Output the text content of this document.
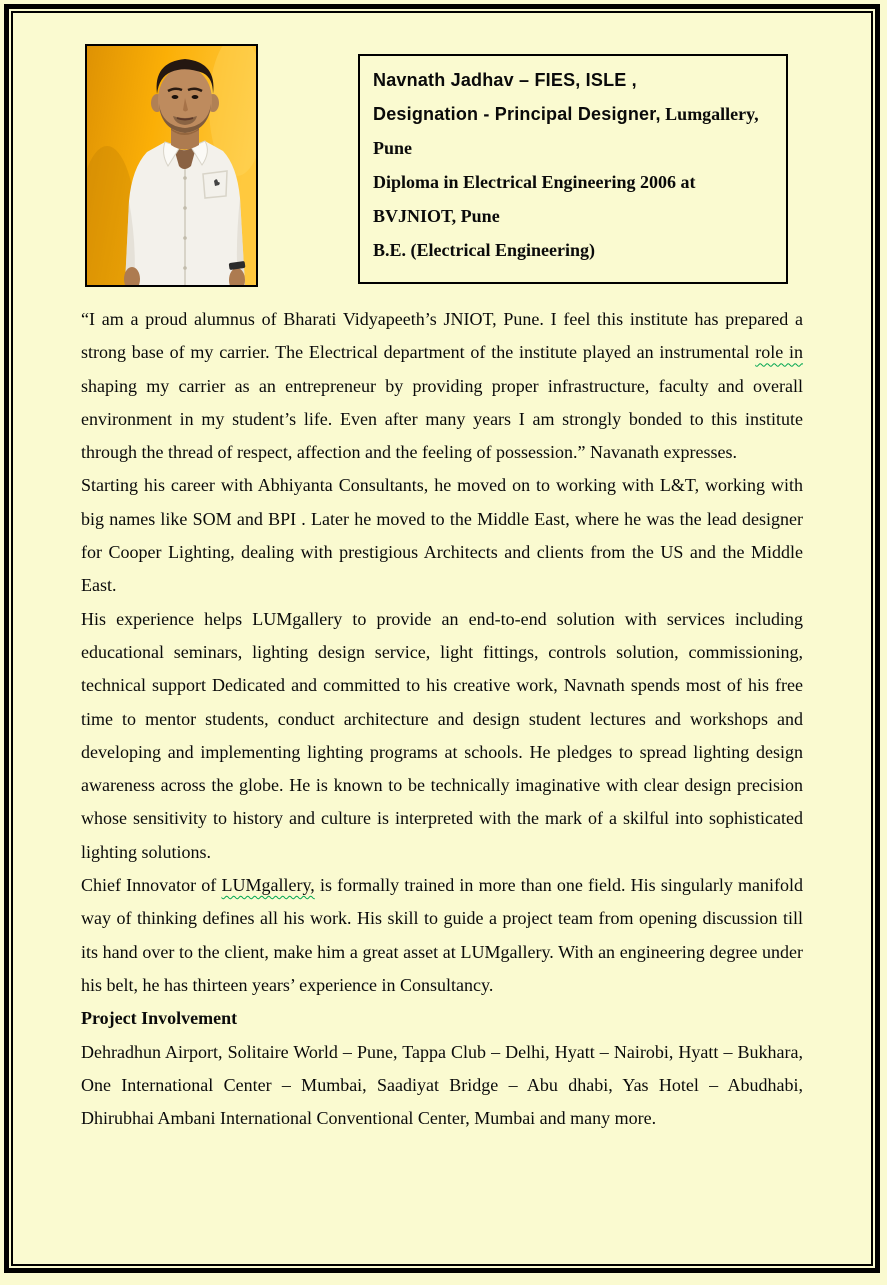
Navnath Jadhav – FIES, ISLE ,

Designation - Principal Designer, Lumgallery,

Pune

Diploma in Electrical Engineering 2006 at

BVJNIOT, Pune

B.E. (Electrical Engineering)

“I am a proud alumnus of Bharati Vidyapeeth’s JNIOT, Pune. I feel this institute has prepared a strong base of my carrier. The Electrical department of the institute played an instrumental role in shaping my carrier as an entrepreneur by providing proper infrastructure, faculty and overall environment in my student’s life. Even after many years I am strongly bonded to this institute through the thread of respect, affection and the feeling of possession.” Navanath expresses.

Starting his career with Abhiyanta Consultants, he moved on to working with L&T, working with big names like SOM and BPI . Later he moved to the Middle East, where he was the lead designer for Cooper Lighting, dealing with prestigious Architects and clients from the US and the Middle East.

His experience helps LUMgallery to provide an end-to-end solution with services including educational seminars, lighting design service, light fittings, controls solution, commissioning, technical support Dedicated and committed to his creative work, Navnath spends most of his free time to mentor students, conduct architecture and design student lectures and workshops and developing and implementing lighting programs at schools. He pledges to spread lighting design awareness across the globe. He is known to be technically imaginative with clear design precision whose sensitivity to history and culture is interpreted with the mark of a skilful into sophisticated lighting solutions.

Chief Innovator of LUMgallery, is formally trained in more than one field. His singularly manifold way of thinking defines all his work. His skill to guide a project team from opening discussion till its hand over to the client, make him a great asset at LUMgallery. With an engineering degree under his belt, he has thirteen years’ experience in Consultancy.

Project Involvement

Dehradhun Airport, Solitaire World – Pune, Tappa Club – Delhi, Hyatt – Nairobi, Hyatt – Bukhara, One International Center – Mumbai, Saadiyat Bridge – Abu dhabi, Yas Hotel – Abudhabi, Dhirubhai Ambani International Conventional Center, Mumbai and many more.
